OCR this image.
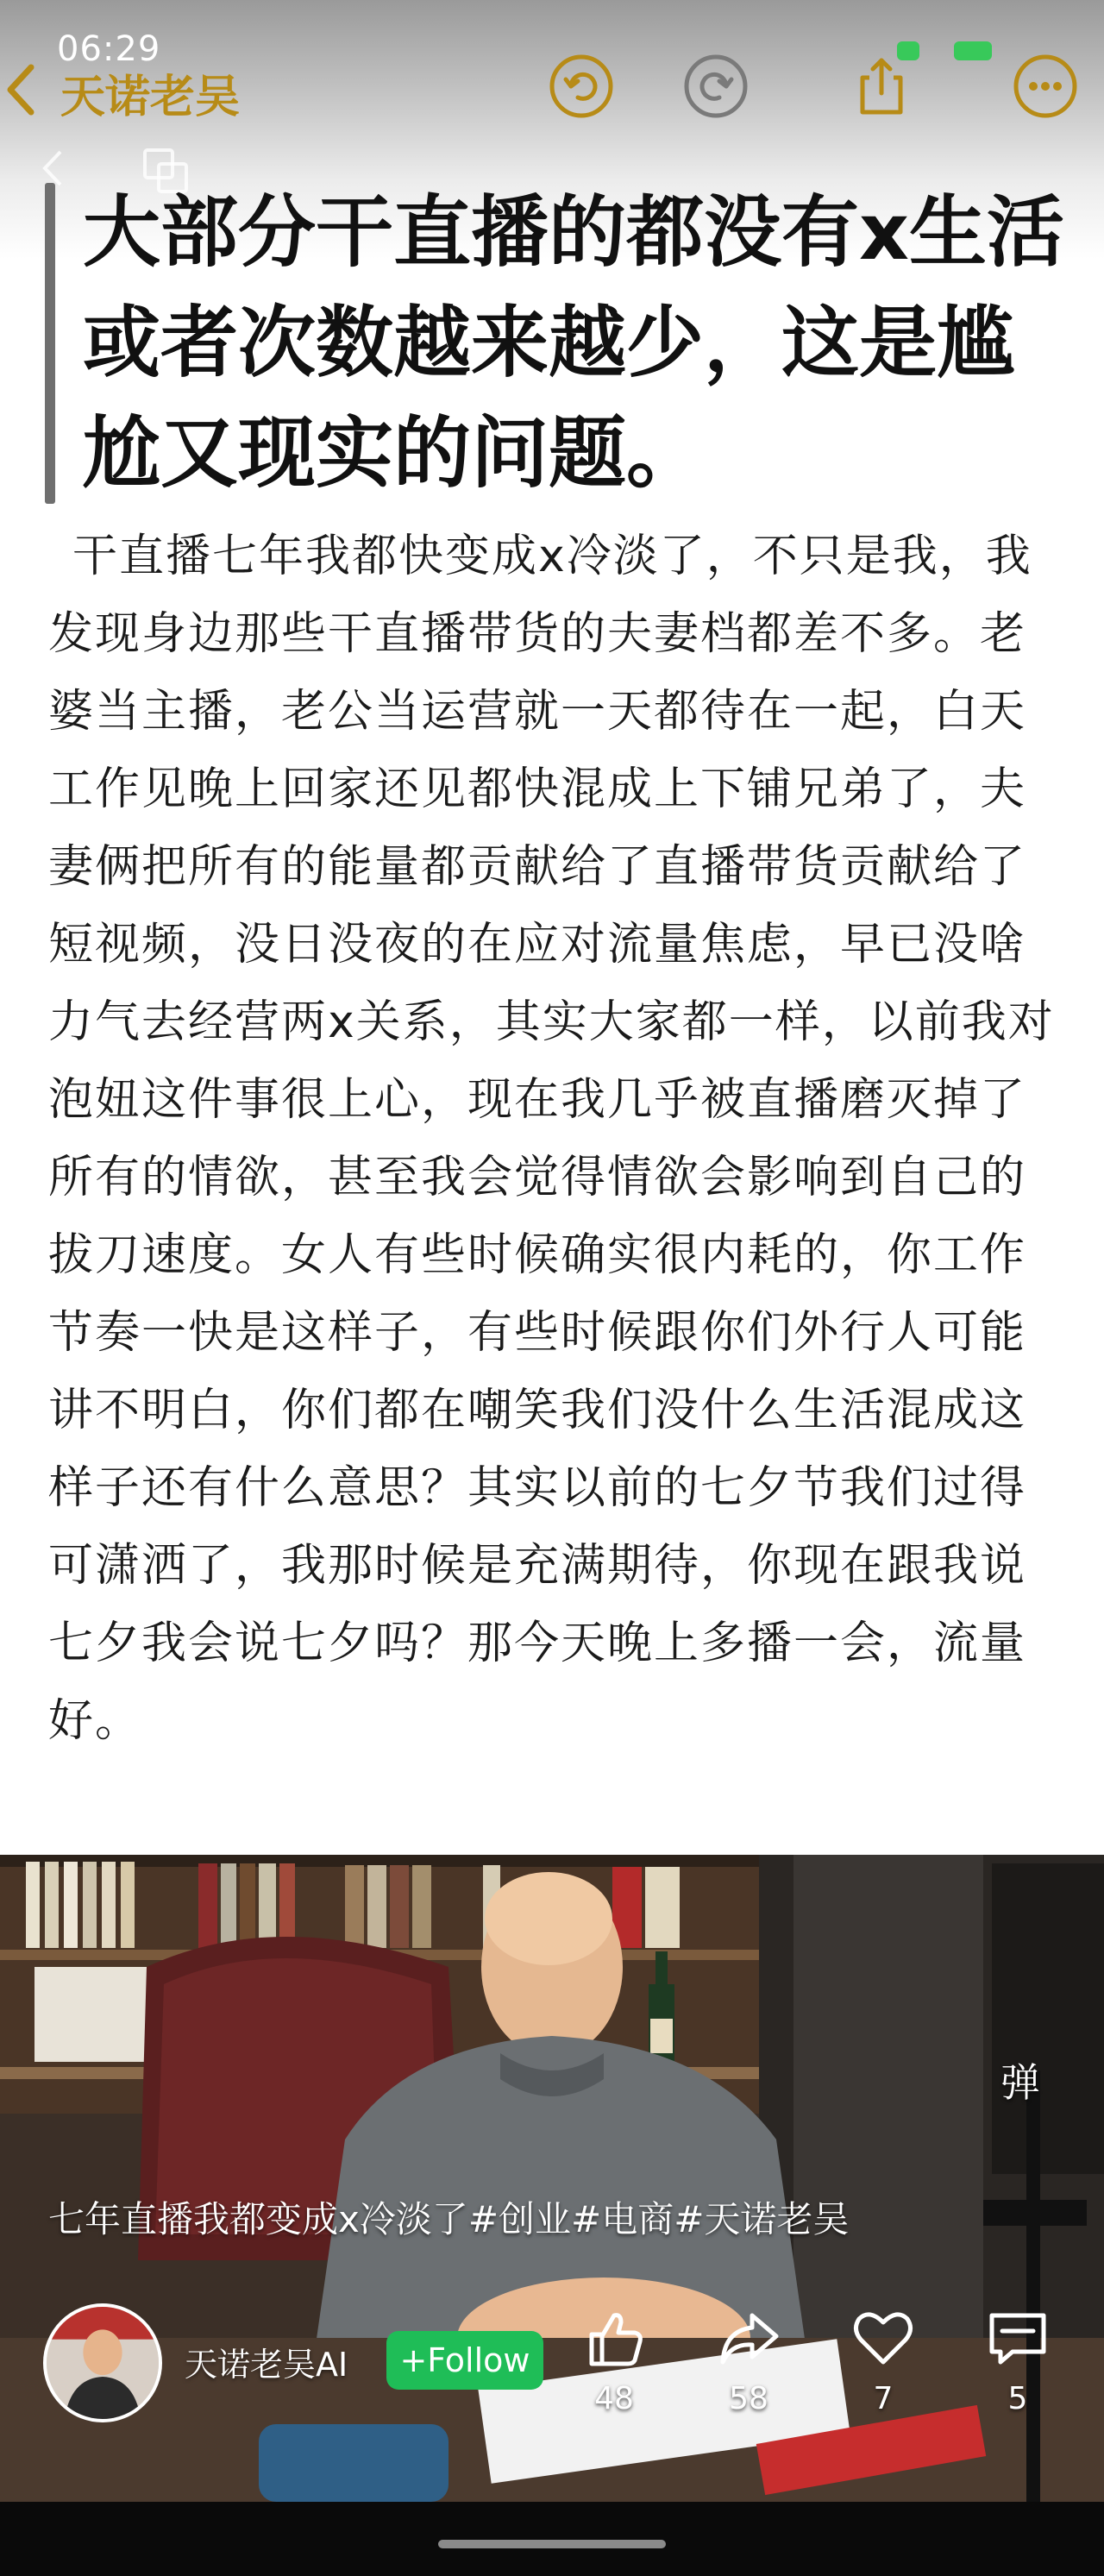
06:29
天诺老吴
大部分干直播的都没有x生活或者次数越来越少，这是尴尬又现实的问题。

干直播七年我都快变成x冷淡了，不只是我，我发现身边那些干直播带货的夫妻档都差不多。老婆当主播，老公当运营就一天都待在一起，白天工作见晚上回家还见都快混成上下铺兄弟了，夫妻俩把所有的能量都贡献给了直播带货贡献给了短视频，没日没夜的在应对流量焦虑，早已没啥力气去经营两x关系，其实大家都一样，以前我对泡妞这件事很上心，现在我几乎被直播磨灭掉了所有的情欲，甚至我会觉得情欲会影响到自己的拔刀速度。女人有些时候确实很内耗的，你工作节奏一快是这样子，有些时候跟你们外行人可能讲不明白，你们都在嘲笑我们没什么生活混成这样子还有什么意思？其实以前的七夕节我们过得可潇洒了，我那时候是充满期待，你现在跟我说七夕我会说七夕吗？那今天晚上多播一会，流量好。

弹
七年直播我都变成x冷淡了#创业#电商#天诺老吴
天诺老吴AI	+Follow
48	58	7	5
